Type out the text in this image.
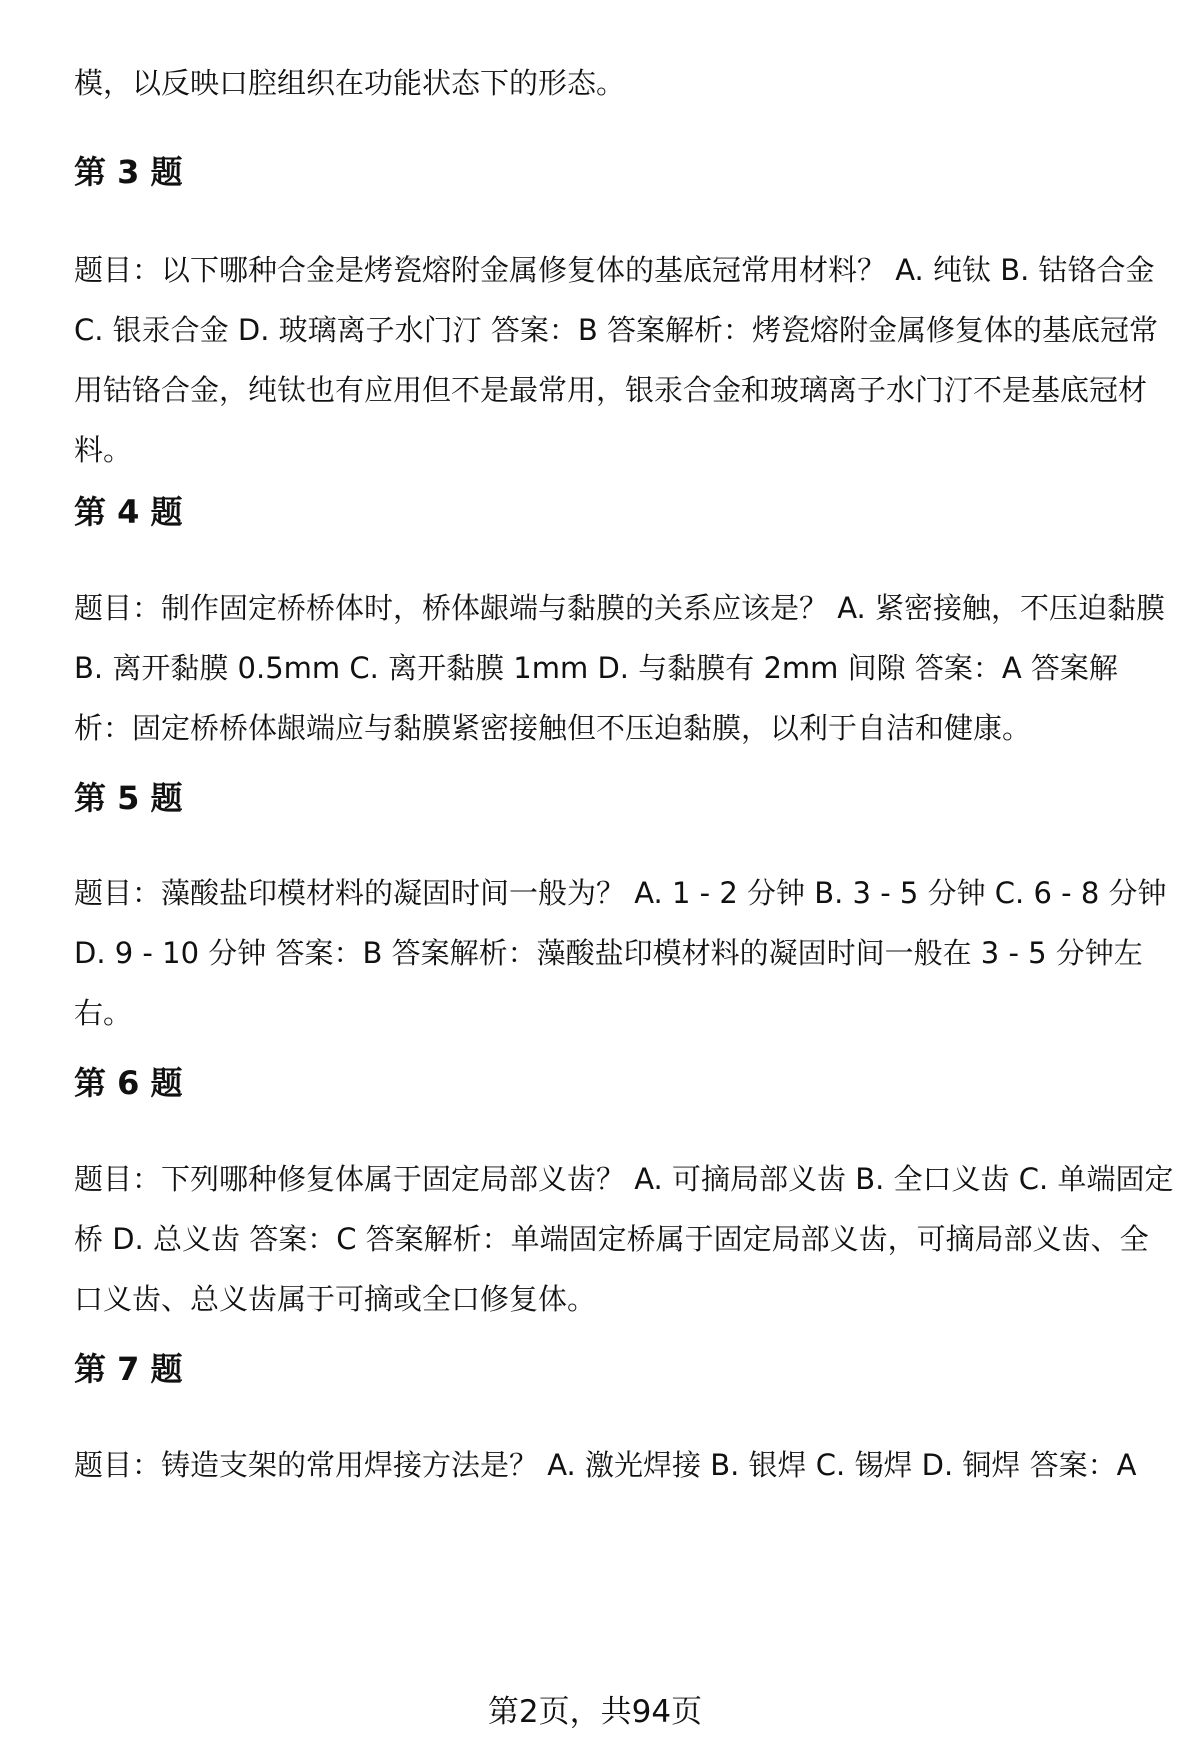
模，以反映口腔组织在功能状态下的形态。

第 3 题

题目：以下哪种合金是烤瓷熔附金属修复体的基底冠常用材料？ A. 纯钛 B. 钴铬合金 C. 银汞合金 D. 玻璃离子水门汀 答案：B 答案解析：烤瓷熔附金属修复体的基底冠常用钴铬合金，纯钛也有应用但不是最常用，银汞合金和玻璃离子水门汀不是基底冠材料。

第 4 题

题目：制作固定桥桥体时，桥体龈端与黏膜的关系应该是？ A. 紧密接触，不压迫黏膜 B. 离开黏膜 0.5mm C. 离开黏膜 1mm D. 与黏膜有 2mm 间隙 答案：A 答案解析：固定桥桥体龈端应与黏膜紧密接触但不压迫黏膜，以利于自洁和健康。

第 5 题

题目：藻酸盐印模材料的凝固时间一般为？ A. 1 - 2 分钟 B. 3 - 5 分钟 C. 6 - 8 分钟 D. 9 - 10 分钟 答案：B 答案解析：藻酸盐印模材料的凝固时间一般在 3 - 5 分钟左右。

第 6 题

题目：下列哪种修复体属于固定局部义齿？ A. 可摘局部义齿 B. 全口义齿 C. 单端固定桥 D. 总义齿 答案：C 答案解析：单端固定桥属于固定局部义齿，可摘局部义齿、全口义齿、总义齿属于可摘或全口修复体。

第 7 题

题目：铸造支架的常用焊接方法是？ A. 激光焊接 B. 银焊 C. 锡焊 D. 铜焊 答案：A

第2页，共94页
